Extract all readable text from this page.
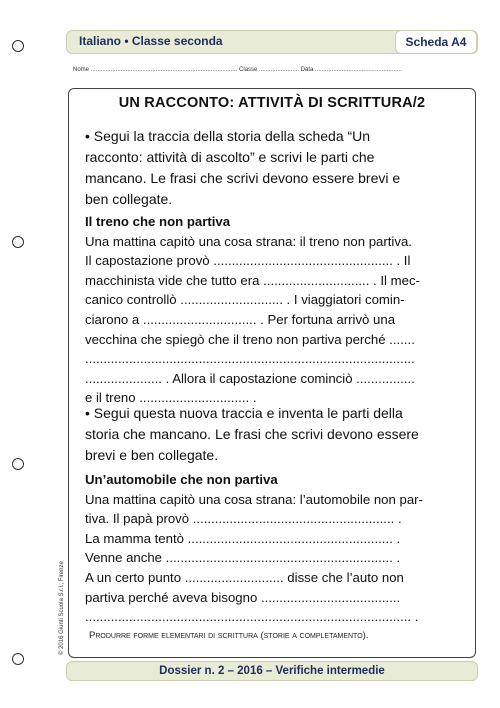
Italiano • Classe seconda	Scheda A4
Nome ........................................................................................ Classe ........................ Data ....................................................
UN RACCONTO: ATTIVITÀ DI SCRITTURA/2
• Segui la traccia della storia della scheda “Un
racconto: attività di ascolto” e scrivi le parti che
mancano. Le frasi che scrivi devono essere brevi e
ben collegate.
Il treno che non partiva
Una mattina capitò una cosa strana: il treno non partiva.
Il capostazione provò ................................................. . Il
macchinista vide che tutto era ............................. . Il mec-
canico controllò ............................ . I viaggiatori comin-
ciarono a ............................... . Per fortuna arrivò una
vecchina che spiegò che il treno non partiva perché .......
..........................................................................................
..................... . Allora il capostazione cominciò ................
e il treno .............................. .
• Segui questa nuova traccia e inventa le parti della
storia che mancano. Le frasi che scrivi devono essere
brevi e ben collegate.
Un’automobile che non partiva
Una mattina capitò una cosa strana: l’automobile non par-
tiva. Il papà provò ....................................................... .
La mamma tentò ........................................................ .
Venne anche .............................................................. .
A un certo punto ........................... disse che l’auto non
partiva perché aveva bisogno ......................................
......................................................................................... .
Produrre forme elementari di scrittura (storie a completamento).
© 2016 Giunti Scuola S.r.l., Firenze
Dossier n. 2 – 2016 – Verifiche intermedie
